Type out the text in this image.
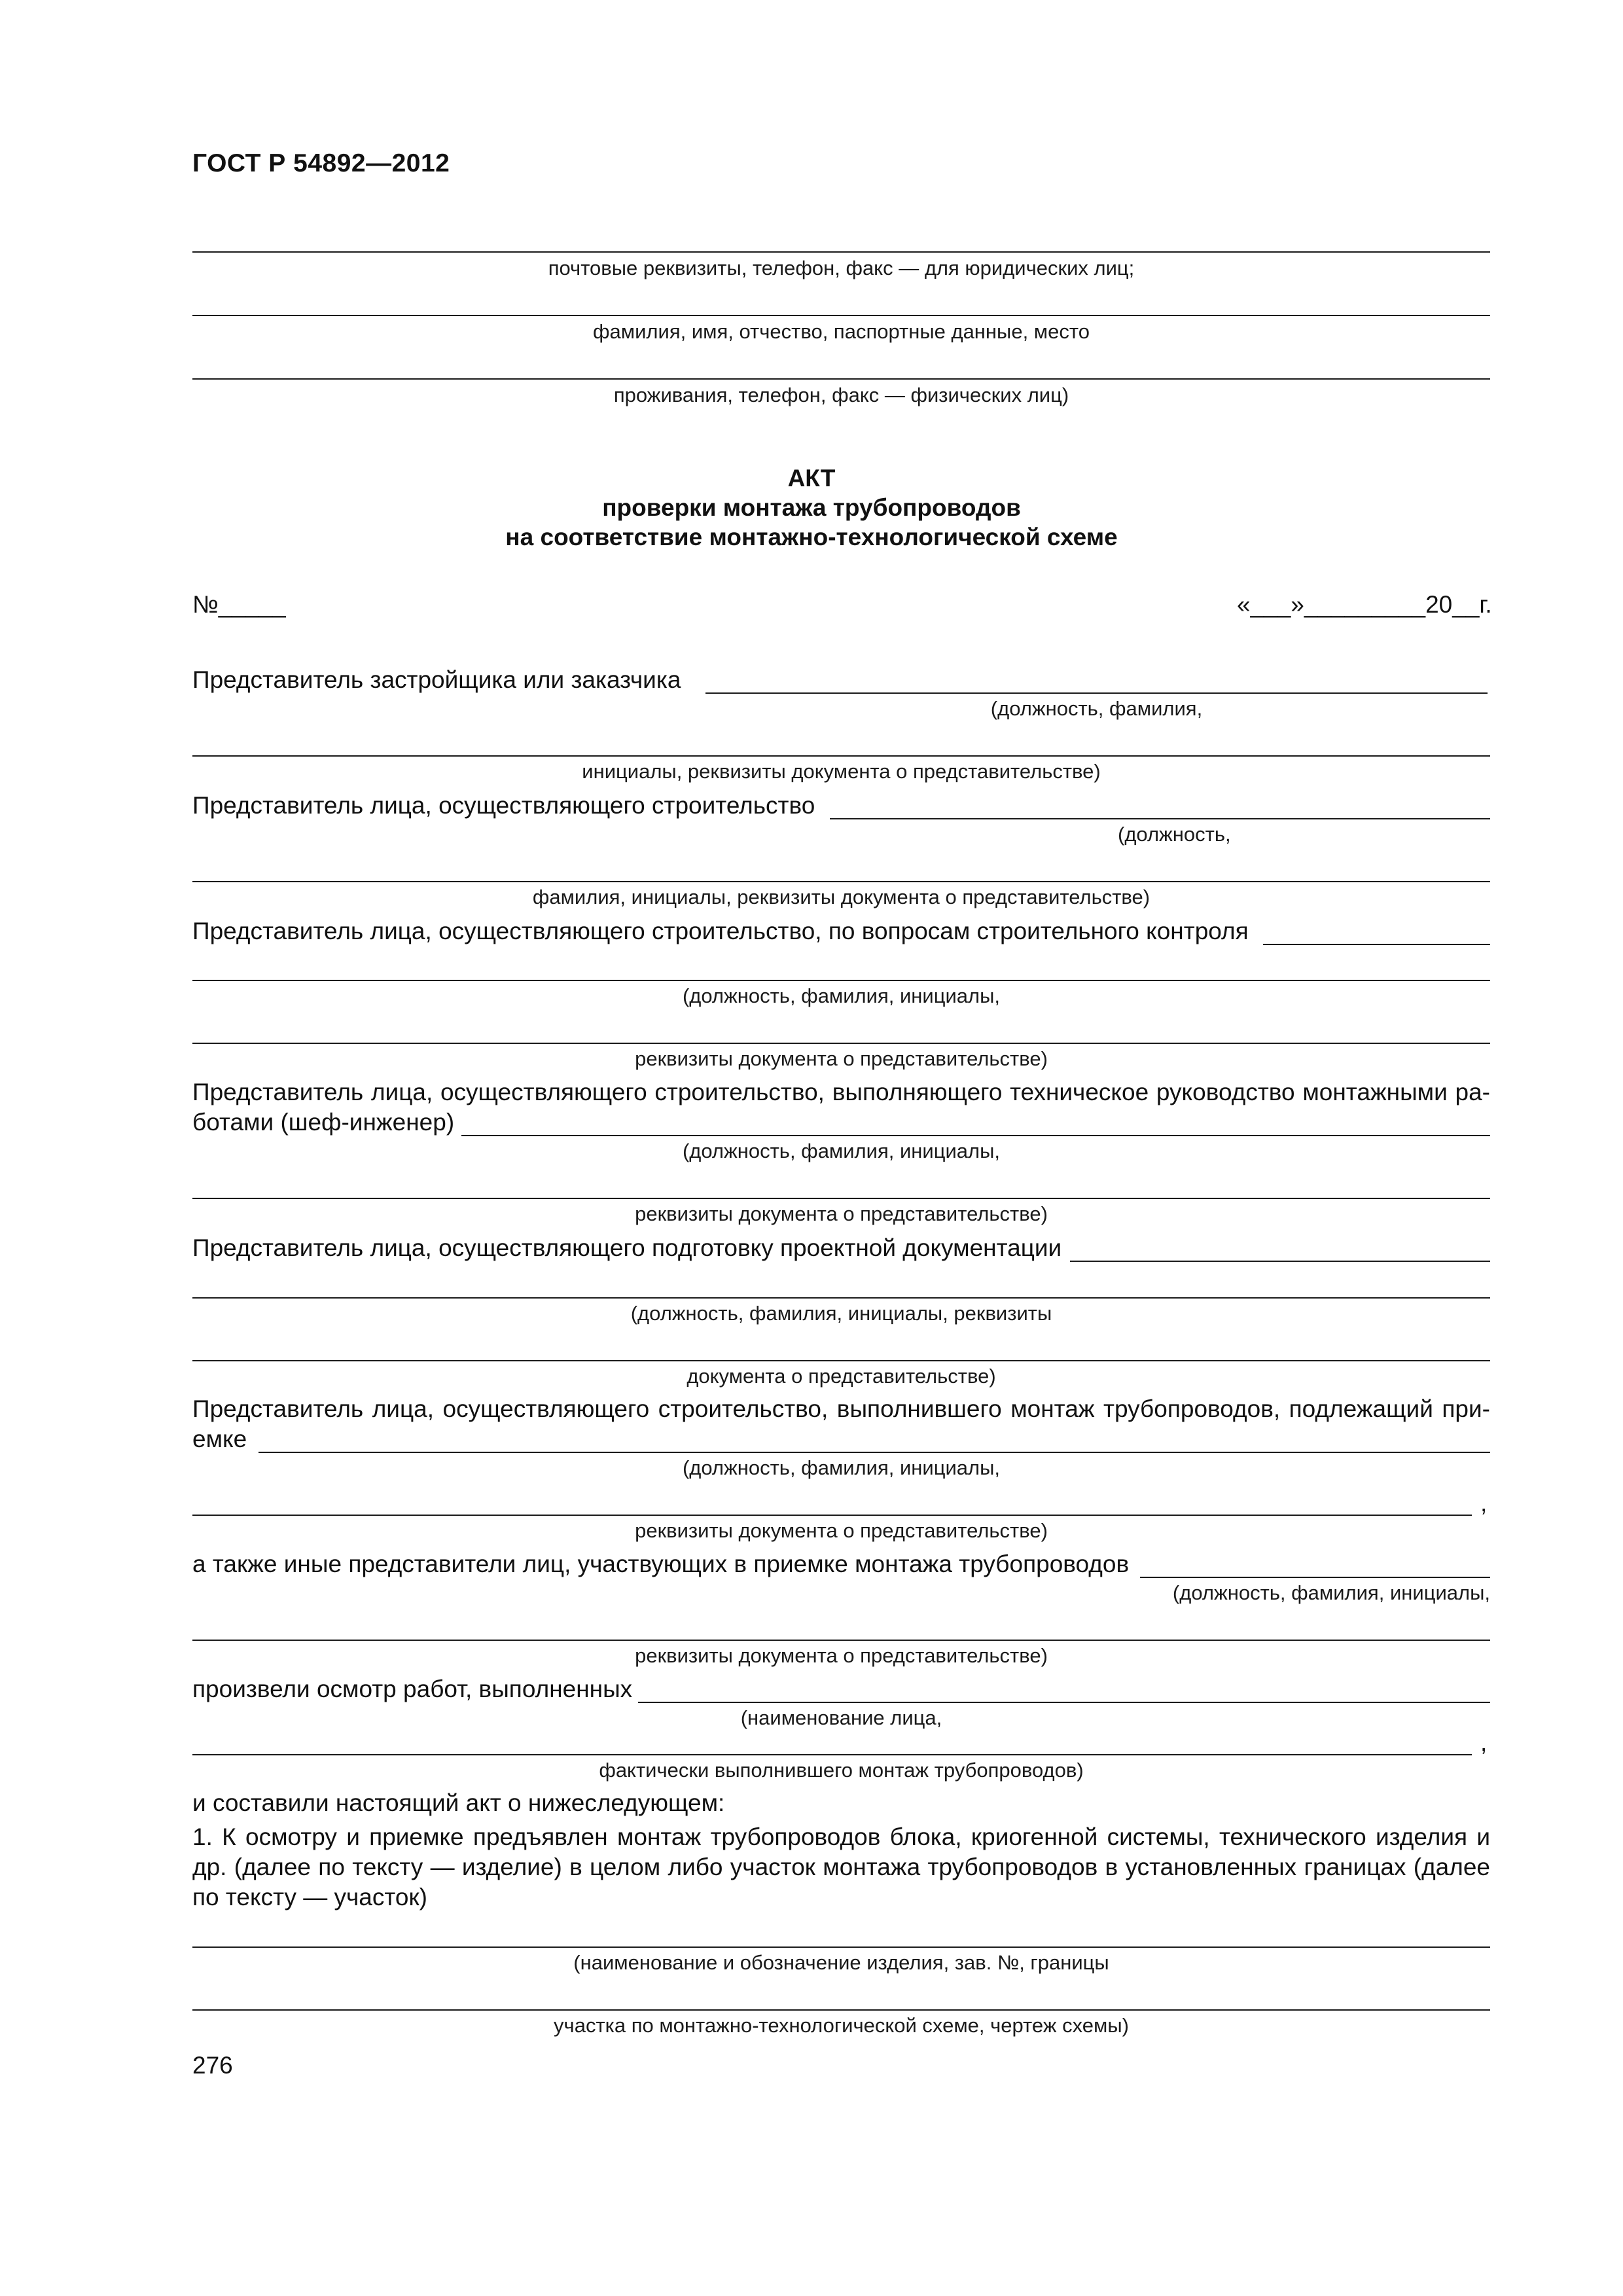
ГОСТ Р 54892—2012
почтовые реквизиты, телефон, факс — для юридических лиц;
фамилия, имя, отчество, паспортные данные, место
проживания, телефон, факс — физических лиц)
АКТ
проверки монтажа трубопроводов
на соответствие монтажно-технологической схеме
№_____	«___»_________20__г.
Представитель застройщика или заказчика
(должность, фамилия,
инициалы, реквизиты документа о представительстве)
Представитель лица, осуществляющего строительство
(должность,
фамилия, инициалы, реквизиты документа о представительстве)
Представитель лица, осуществляющего строительство, по вопросам строительного контроля
(должность, фамилия, инициалы,
реквизиты документа о представительстве)
Представитель лица, осуществляющего строительство, выполняющего техническое руководство монтажными ра-
ботами (шеф-инженер)
(должность, фамилия, инициалы,
реквизиты документа о представительстве)
Представитель лица, осуществляющего подготовку проектной документации
(должность, фамилия, инициалы, реквизиты
документа о представительстве)
Представитель лица, осуществляющего строительство, выполнившего монтаж трубопроводов, подлежащий при-
емке
(должность, фамилия, инициалы,
,
реквизиты документа о представительстве)
а также иные представители лиц, участвующих в приемке монтажа трубопроводов
(должность, фамилия, инициалы,
реквизиты документа о представительстве)
произвели осмотр работ, выполненных
(наименование лица,
,
фактически выполнившего монтаж трубопроводов)
и составили настоящий акт о нижеследующем:
1. К осмотру и приемке предъявлен монтаж трубопроводов блока, криогенной системы, технического изделия и др. (далее по тексту — изделие) в целом либо участок монтажа трубопроводов в установленных границах (далее по тексту — участок)
(наименование и обозначение изделия, зав. №, границы
участка по монтажно-технологической схеме, чертеж схемы)
276
